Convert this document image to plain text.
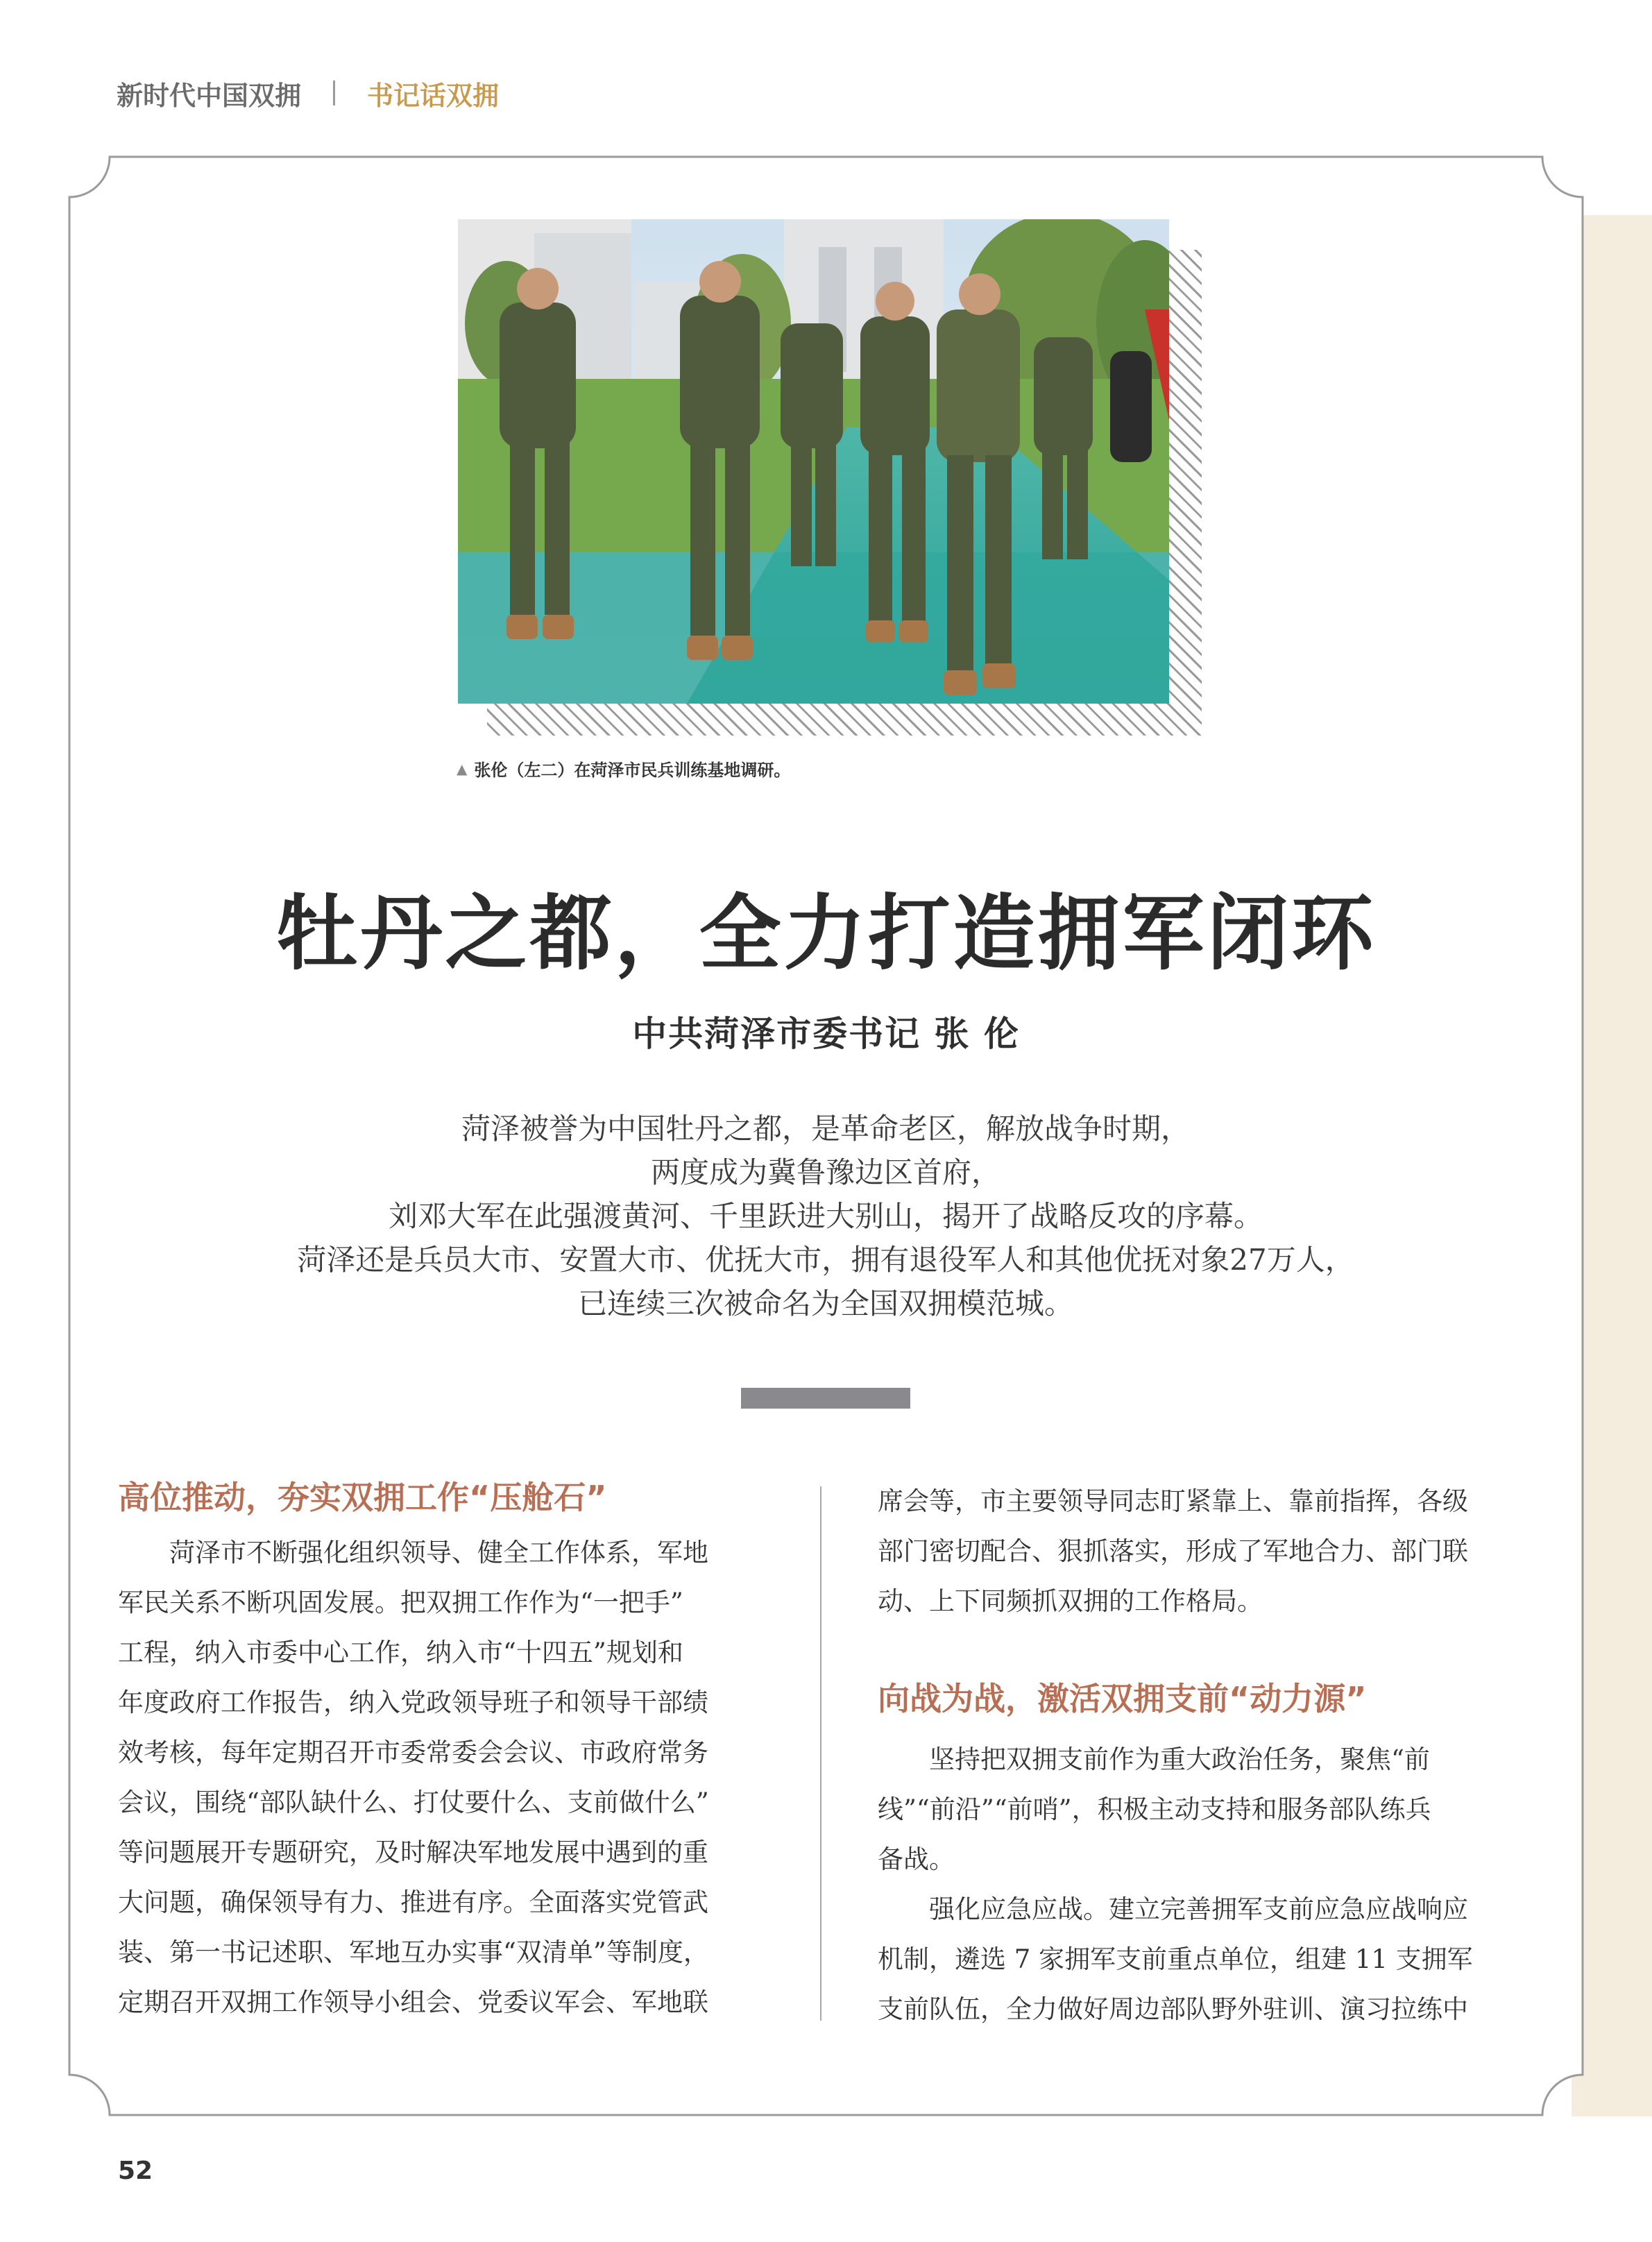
新时代中国双拥	书记话双拥
▲ 张伦（左二）在菏泽市民兵训练基地调研。
牡丹之都，全力打造拥军闭环
中共菏泽市委书记 张 伦

菏泽被誉为中国牡丹之都，是革命老区，解放战争时期，

两度成为冀鲁豫边区首府，

刘邓大军在此强渡黄河、千里跃进大别山，揭开了战略反攻的序幕。

菏泽还是兵员大市、安置大市、优抚大市，拥有退役军人和其他优抚对象27万人，

已连续三次被命名为全国双拥模范城。

高位推动，夯实双拥工作“压舱石”
菏泽市不断强化组织领导、健全工作体系，军地
军民关系不断巩固发展。把双拥工作作为“一把手”
工程，纳入市委中心工作，纳入市“十四五”规划和
年度政府工作报告，纳入党政领导班子和领导干部绩
效考核，每年定期召开市委常委会会议、市政府常务
会议，围绕“部队缺什么、打仗要什么、支前做什么”
等问题展开专题研究，及时解决军地发展中遇到的重
大问题，确保领导有力、推进有序。全面落实党管武
装、第一书记述职、军地互办实事“双清单”等制度，
定期召开双拥工作领导小组会、党委议军会、军地联
席会等，市主要领导同志盯紧靠上、靠前指挥，各级
部门密切配合、狠抓落实，形成了军地合力、部门联
动、上下同频抓双拥的工作格局。
向战为战，激活双拥支前“动力源”
坚持把双拥支前作为重大政治任务，聚焦“前
线”“前沿”“前哨”，积极主动支持和服务部队练兵
备战。
强化应急应战。建立完善拥军支前应急应战响应
机制，遴选 7 家拥军支前重点单位，组建 11 支拥军
支前队伍，全力做好周边部队野外驻训、演习拉练中
52
